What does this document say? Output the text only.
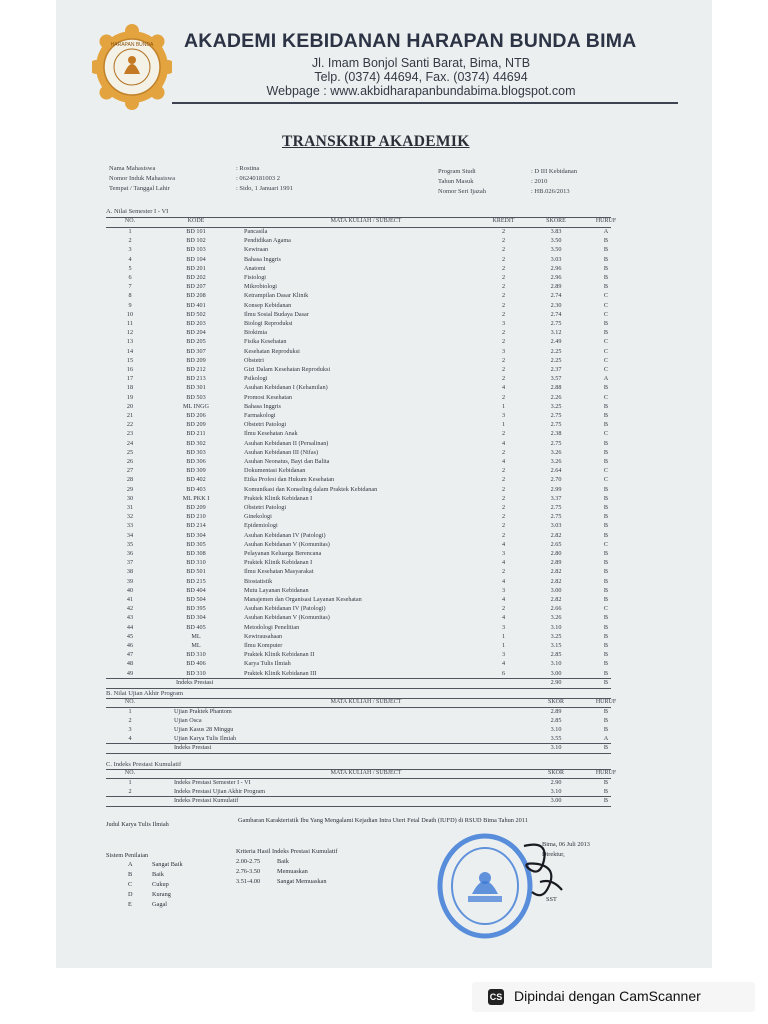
HARAPAN BUNDA AKADEMI KEBIDANAN HARAPAN BUNDA BIMA
Jl. Imam Bonjol Santi Barat, Bima, NTB
Telp. (0374) 44694, Fax. (0374) 44694
Webpage : www.akbidharapanbundabima.blogspot.com
TRANSKRIP AKADEMIK
Nama Mahasiswa	: Rostina
Nomor Induk Mahasiswa	: 06240181003 2
Tempat / Tanggal Lahir	: Sido, 1 Januari 1991
Program Studi	: D III Kebidanan
Tahun Masuk	: 2010
Nomor Seri Ijazah	: HB.026/2013
A. Nilai Semester I - VI
NO.	KODE	MATA KULIAH / SUBJECT	KREDIT	SKORE	HURUF
1	BD 101	Pancasila	2	3.83	A
2	BD 102	Pendidikan Agama	2	3.50	B
3	BD 103	Kewiraan	2	3.50	B
4	BD 104	Bahasa Inggris	2	3.03	B
5	BD 201	Anatomi	2	2.96	B
6	BD 202	Fisiologi	2	2.96	B
7	BD 207	Mikrobiologi	2	2.89	B
8	BD 208	Ketrampilan Dasar Klinik	2	2.74	C
9	BD 401	Konsep Kebidanan	2	2.30	C
10	BD 502	Ilmu Sosial Budaya Dasar	2	2.74	C
11	BD 203	Biologi Reproduksi	3	2.75	B
12	BD 204	Biokimia	2	3.12	B
13	BD 205	Fisika Kesehatan	2	2.49	C
14	BD 307	Kesehatan Reproduksi	3	2.25	C
15	BD 209	Obstetri	2	2.25	C
16	BD 212	Gizi Dalam Kesehatan Reproduksi	2	2.37	C
17	BD 213	Psikologi	2	3.57	A
18	BD 301	Asuhan Kebidanan I (Kehamilan)	4	2.88	B
19	BD 503	Promosi Kesehatan	2	2.26	C
20	ML INGG	Bahasa Inggris	1	3.25	B
21	BD 206	Farmakologi	3	2.75	B
22	BD 209	Obstetri Patologi	1	2.75	B
23	BD 211	Ilmu Kesehatan Anak	2	2.38	C
24	BD 302	Asuhan Kebidanan II (Persalinan)	4	2.75	B
25	BD 303	Asuhan Kebidanan III (Nifas)	2	3.26	B
26	BD 306	Asuhan Neonatus, Bayi dan Balita	4	3.26	B
27	BD 309	Dokumentasi Kebidanan	2	2.64	C
28	BD 402	Etika Profesi dan Hukum Kesehatan	2	2.70	C
29	BD 403	Komunikasi dan Konseling dalam Praktek Kebidanan	2	2.99	B
30	ML PKK I	Praktek Klinik Kebidanan I	2	3.37	B
31	BD 209	Obstetri Patologi	2	2.75	B
32	BD 210	Ginekologi	2	2.75	B
33	BD 214	Epidemiologi	2	3.03	B
34	BD 304	Asuhan Kebidanan IV (Patologi)	2	2.82	B
35	BD 305	Asuhan Kebidanan V (Komunitas)	4	2.65	C
36	BD 308	Pelayanan Keluarga Berencana	3	2.80	B
37	BD 310	Praktek Klinik Kebidanan I	4	2.89	B
38	BD 501	Ilmu Kesehatan Masyarakat	2	2.82	B
39	BD 215	Biostatistik	4	2.82	B
40	BD 404	Mutu Layanan Kebidanan	3	3.00	B
41	BD 504	Manajemen dan Organisasi Layanan Kesehatan	4	2.82	B
42	BD 395	Asuhan Kebidanan IV (Patologi)	2	2.66	C
43	BD 304	Asuhan Kebidanan V (Komunitas)	4	3.26	B
44	BD 405	Metodologi Penelitian	3	3.10	B
45	ML	Kewirausahaan	1	3.25	B
46	ML	Ilmu Komputer	1	3.15	B
47	BD 310	Praktek Klinik Kebidanan II	3	2.85	B
48	BD 406	Karya Tulis Ilmiah	4	3.10	B
49	BD 310	Praktek Klinik Kebidanan III	6	3.00	B
Indeks Prestasi	2.90	B
B. Nilai Ujian Akhir Program
NO.	MATA KULIAH / SUBJECT	SKOR	HURUF
1	Ujian Praktek Phantom	2.89	B
2	Ujian Osca	2.85	B
3	Ujian Kasus 28 Minggu	3.10	B
4	Ujian Karya Tulis Ilmiah	3.55	A
Indeks Prestasi	3.10	B
C. Indeks Prestasi Kumulatif
NO.	MATA KULIAH / SUBJECT	SKOR	HURUF
1	Indeks Prestasi Semester I - VI	2.90	B
2	Indeks Prestasi Ujian Akhir Program	3.10	B
Indeks Prestasi Kumulatif	3.00	B
Judul Karya Tulis Ilmiah
Gambaran Karakteristik Ibu Yang Mengalami Kejadian Intra Uteri Fetal Death (IUFD) di RSUD Bima Tahun 2011
Sistem Penilaian
A	Sangat Baik
B	Baik
C	Cukup
D	Kurang
E	Gagal
Kriteria Hasil Indeks Prestasi Kumulatif
2.00-2.75	Baik
2.76-3.50	Memuaskan
3.51-4.00	Sangat Memuaskan
Bima, 06 Juli 2013
Direktur,
SST
CS Dipindai dengan CamScanner
